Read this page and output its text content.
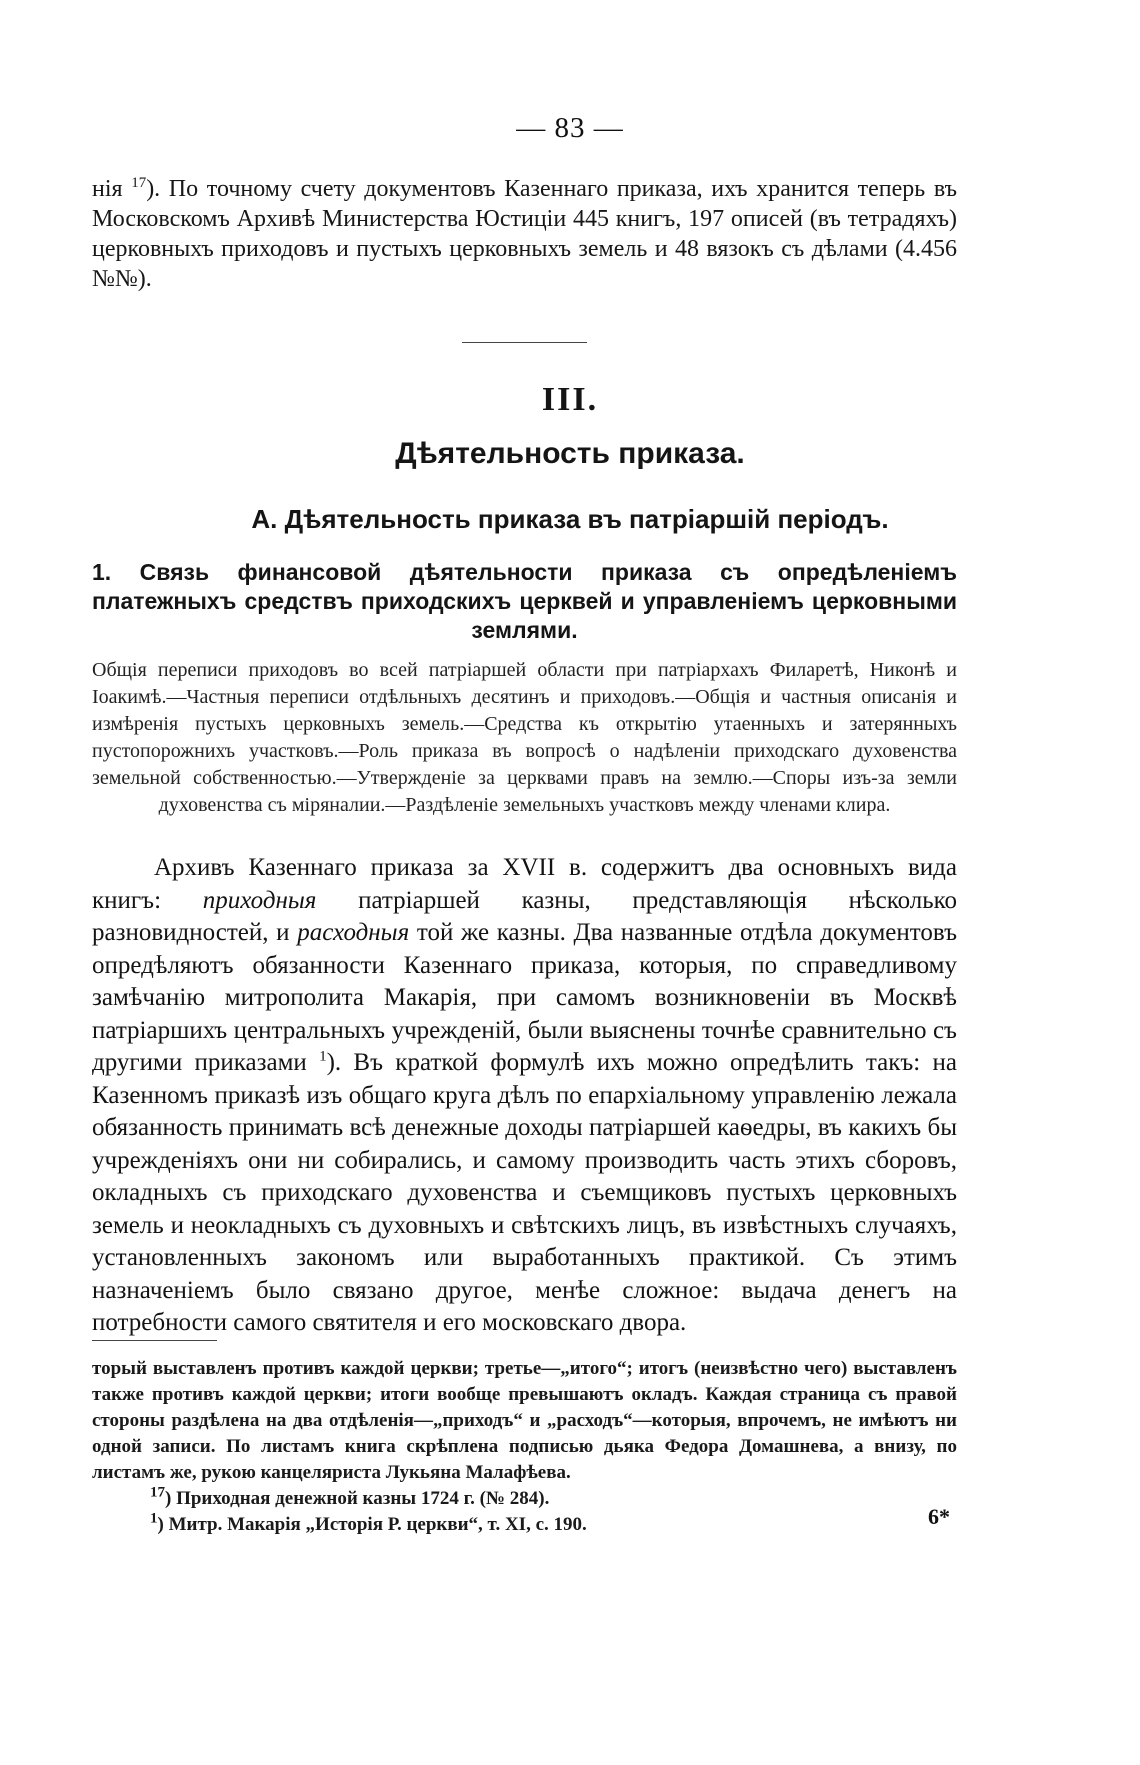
— 83 —
нія $^{17}$). По точному счету документовъ Казеннаго приказа, ихъ хранится теперь въ Московскомъ Архивѣ Министерства Юстиціи 445 книгъ, 197 описей (въ тетрадяхъ) церковныхъ приходовъ и пустыхъ церковныхъ земель и 48 вязокъ съ дѣлами (4.456 №№).
III.
Дѣятельность приказа.
А. Дѣятельность приказа въ патріаршій періодъ.
1. Связь финансовой дѣятельности приказа съ опредѣленіемъ платежныхъ средствъ приходскихъ церквей и управленіемъ церковными землями.
Общія переписи приходовъ во всей патріаршей области при патріархахъ Филаретѣ, Никонѣ и Іоакимѣ.—Частныя переписи отдѣльныхъ десятинъ и приходовъ.—Общія и частныя описанія и измѣренія пустыхъ церковныхъ земель.—Средства къ открытію утаенныхъ и затерянныхъ пустопорожнихъ участковъ.—Роль приказа въ вопросѣ о надѣленіи приходскаго духовенства земельной собственностью.—Утвержденіе за церквами правъ на землю.—Споры изъ-за земли духовенства съ міряналии.—Раздѣленіе земельныхъ участковъ между членами клира.

Архивъ Казеннаго приказа за XVII в. содержитъ два основныхъ вида книгъ: приходныя патріаршей казны, представляющія нѣсколько разновидностей, и расходныя той же казны. Два названные отдѣла документовъ опредѣляютъ обязанности Казеннаго приказа, которыя, по справедливому замѣчанію митрополита Макарія, при самомъ возникновеніи въ Москвѣ патріаршихъ центральныхъ учрежденій, были выяснены точнѣе сравнительно съ другими приказами $^1$). Въ краткой формулѣ ихъ можно опредѣлить такъ: на Казенномъ приказѣ изъ общаго круга дѣлъ по епархіальному управленію лежала обязанность принимать всѣ денежные доходы патріаршей каѳедры, въ какихъ бы учрежденіяхъ они ни собирались, и самому производить часть этихъ сборовъ, окладныхъ съ приходскаго духовенства и съемщиковъ пустыхъ церковныхъ земель и неокладныхъ съ духовныхъ и свѣтскихъ лицъ, въ извѣстныхъ случаяхъ, установленныхъ закономъ или выработанныхъ практикой. Съ этимъ назначеніемъ было связано другое, менѣе сложное: выдача денегъ на потребности самого святителя и его московскаго двора.

торый выставленъ противъ каждой церкви; третье—„итого“; итогъ (неизвѣстно чего) выставленъ также противъ каждой церкви; итоги вообще превышаютъ окладъ. Каждая страница съ правой стороны раздѣлена на два отдѣленія—„приходъ“ и „расходъ“—которыя, впрочемъ, не имѣютъ ни одной записи. По листамъ книга скрѣплена подписью дьяка Федора Домашнева, а внизу, по листамъ же, рукою канцеляриста Лукьяна Малафѣева.

$^{17}$) Приходная денежной казны 1724 г. (№ 284).

$^1$) Митр. Макарія „Исторія Р. церкви“, т. XI, с. 190.	6*
